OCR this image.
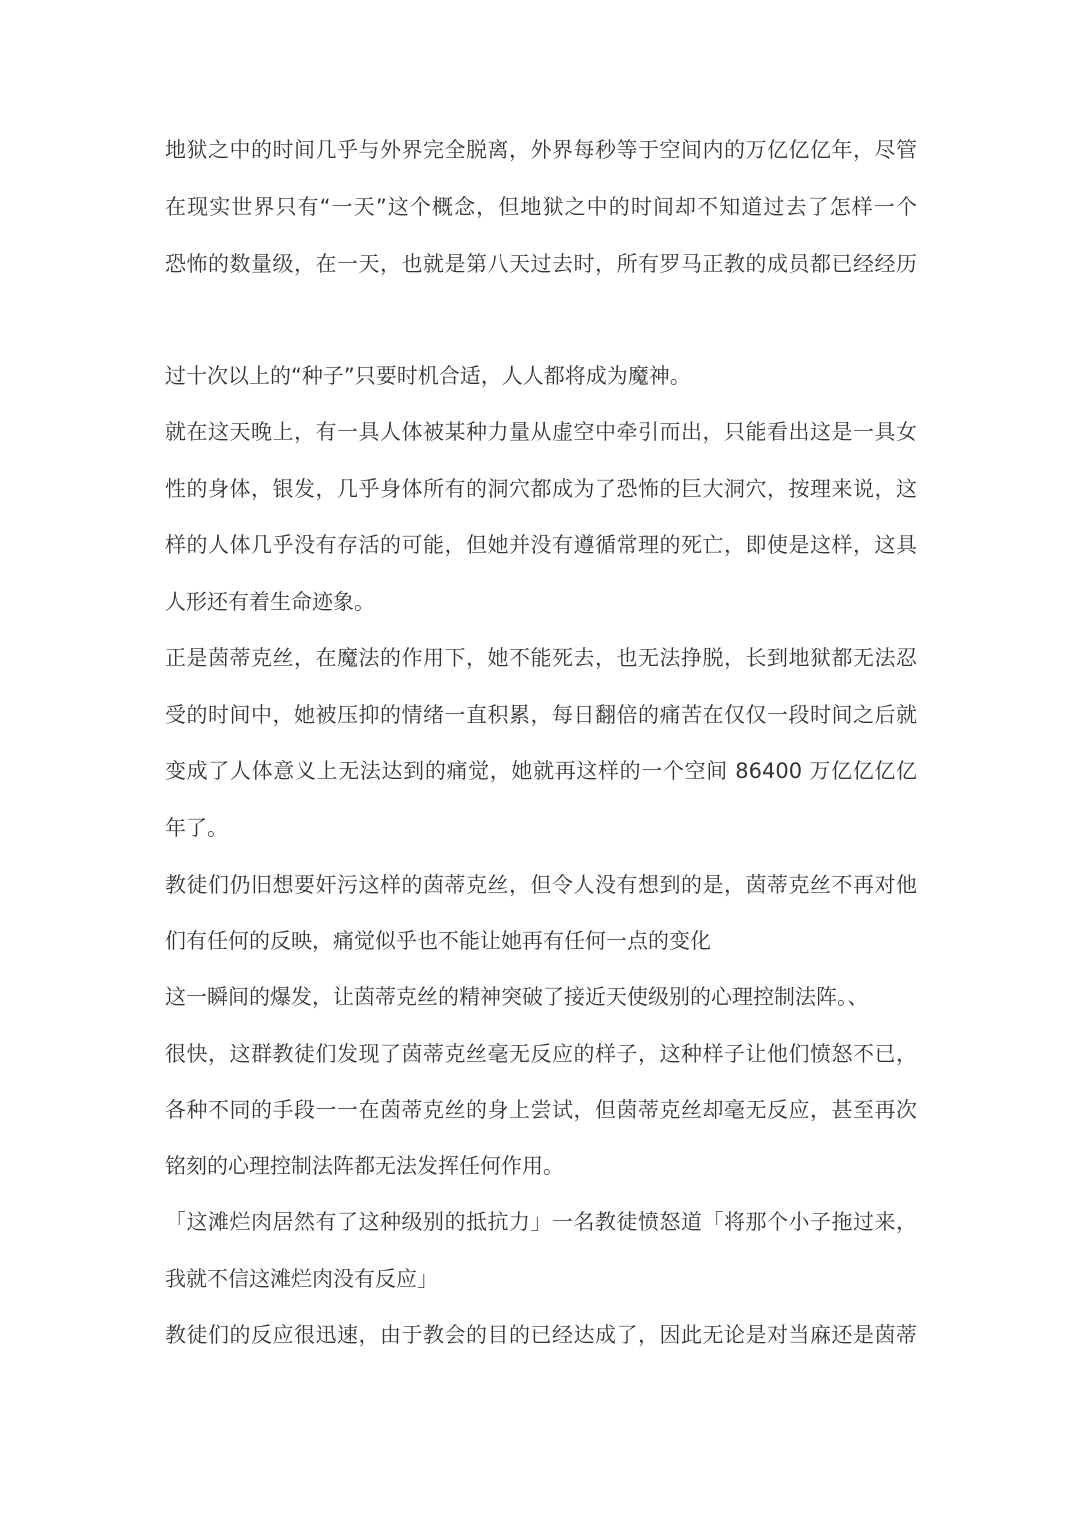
地狱之中的时间几乎与外界完全脱离，外界每秒等于空间内的万亿亿亿年，尽管
在现实世界只有“一天”这个概念，但地狱之中的时间却不知道过去了怎样一个
恐怖的数量级，在一天，也就是第八天过去时，所有罗马正教的成员都已经经历
过十次以上的“种子”只要时机合适，人人都将成为魔神。
就在这天晚上，有一具人体被某种力量从虚空中牵引而出，只能看出这是一具女
性的身体，银发，几乎身体所有的洞穴都成为了恐怖的巨大洞穴，按理来说，这
样的人体几乎没有存活的可能，但她并没有遵循常理的死亡，即使是这样，这具
人形还有着生命迹象。
正是茵蒂克丝，在魔法的作用下，她不能死去，也无法挣脱，长到地狱都无法忍
受的时间中，她被压抑的情绪一直积累，每日翻倍的痛苦在仅仅一段时间之后就
变成了人体意义上无法达到的痛觉，她就再这样的一个空间 86400 万亿亿亿亿
年了。
教徒们仍旧想要奸污这样的茵蒂克丝，但令人没有想到的是，茵蒂克丝不再对他
们有任何的反映，痛觉似乎也不能让她再有任何一点的变化
这一瞬间的爆发，让茵蒂克丝的精神突破了接近天使级别的心理控制法阵。、
很快，这群教徒们发现了茵蒂克丝毫无反应的样子，这种样子让他们愤怒不已，
各种不同的手段一一在茵蒂克丝的身上尝试，但茵蒂克丝却毫无反应，甚至再次
铭刻的心理控制法阵都无法发挥任何作用。
「这滩烂肉居然有了这种级别的抵抗力」一名教徒愤怒道「将那个小子拖过来，
我就不信这滩烂肉没有反应」
教徒们的反应很迅速，由于教会的目的已经达成了，因此无论是对当麻还是茵蒂
